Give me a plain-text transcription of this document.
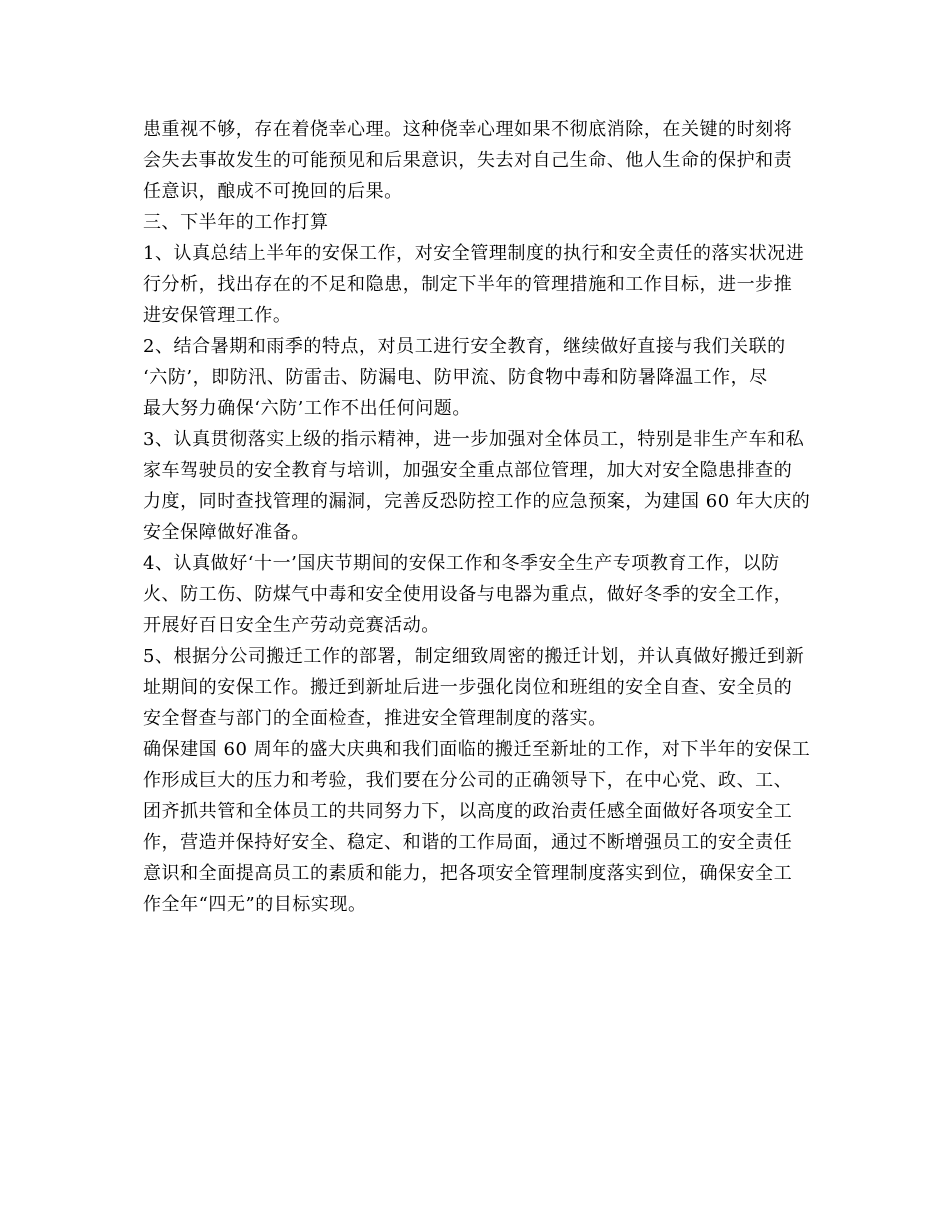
患重视不够，存在着侥幸心理。这种侥幸心理如果不彻底消除，在关键的时刻将
会失去事故发生的可能预见和后果意识，失去对自己生命、他人生命的保护和责
任意识，酿成不可挽回的后果。
三、下半年的工作打算
1、认真总结上半年的安保工作，对安全管理制度的执行和安全责任的落实状况进
行分析，找出存在的不足和隐患，制定下半年的管理措施和工作目标，进一步推
进安保管理工作。
2、结合暑期和雨季的特点，对员工进行安全教育，继续做好直接与我们关联的
‘六防’，即防汛、防雷击、防漏电、防甲流、防食物中毒和防暑降温工作，尽
最大努力确保‘六防’工作不出任何问题。
3、认真贯彻落实上级的指示精神，进一步加强对全体员工，特别是非生产车和私
家车驾驶员的安全教育与培训，加强安全重点部位管理，加大对安全隐患排查的
力度，同时查找管理的漏洞，完善反恐防控工作的应急预案，为建国 60 年大庆的
安全保障做好准备。
4、认真做好‘十一’国庆节期间的安保工作和冬季安全生产专项教育工作，以防
火、防工伤、防煤气中毒和安全使用设备与电器为重点，做好冬季的安全工作，
开展好百日安全生产劳动竞赛活动。
5、根据分公司搬迁工作的部署，制定细致周密的搬迁计划，并认真做好搬迁到新
址期间的安保工作。搬迁到新址后进一步强化岗位和班组的安全自查、安全员的
安全督查与部门的全面检查，推进安全管理制度的落实。
确保建国 60 周年的盛大庆典和我们面临的搬迁至新址的工作，对下半年的安保工
作形成巨大的压力和考验，我们要在分公司的正确领导下，在中心党、政、工、
团齐抓共管和全体员工的共同努力下，以高度的政治责任感全面做好各项安全工
作，营造并保持好安全、稳定、和谐的工作局面，通过不断增强员工的安全责任
意识和全面提高员工的素质和能力，把各项安全管理制度落实到位，确保安全工
作全年“四无”的目标实现。
